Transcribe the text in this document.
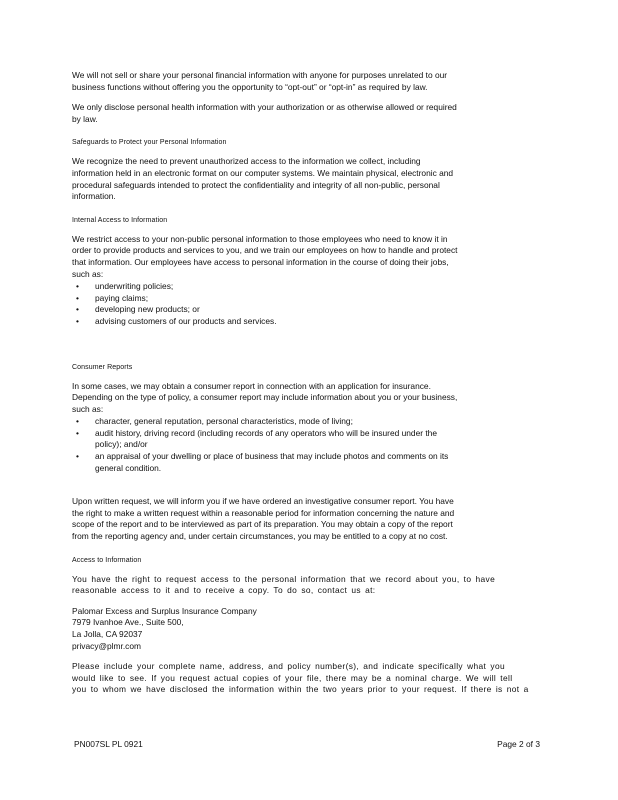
We will not sell or share your personal financial information with anyone for purposes unrelated to our
business functions without offering you the opportunity to “opt-out” or “opt-in” as required by law.

We only disclose personal health information with your authorization or as otherwise allowed or required
by law.

Safeguards to Protect your Personal Information

We recognize the need to prevent unauthorized access to the information we collect, including
information held in an electronic format on our computer systems. We maintain physical, electronic and
procedural safeguards intended to protect the confidentiality and integrity of all non-public, personal
information.

Internal Access to Information

We restrict access to your non-public personal information to those employees who need to know it in
order to provide products and services to you, and we train our employees on how to handle and protect
that information. Our employees have access to personal information in the course of doing their jobs,
such as:

• underwriting policies;
• paying claims;
• developing new products; or
• advising customers of our products and services.
Consumer Reports

In some cases, we may obtain a consumer report in connection with an application for insurance.
Depending on the type of policy, a consumer report may include information about you or your business,
such as:

• character, general reputation, personal characteristics, mode of living;
• audit history, driving record (including records of any operators who will be insured under the
policy); and/or
• an appraisal of your dwelling or place of business that may include photos and comments on its
general condition.

Upon written request, we will inform you if we have ordered an investigative consumer report. You have
the right to make a written request within a reasonable period for information concerning the nature and
scope of the report and to be interviewed as part of its preparation. You may obtain a copy of the report
from the reporting agency and, under certain circumstances, you may be entitled to a copy at no cost.

Access to Information

You have the right to request access to the personal information that we record about you, to have
reasonable access to it and to receive a copy. To do so, contact us at:

Palomar Excess and Surplus Insurance Company
7979 Ivanhoe Ave., Suite 500,
La Jolla, CA 92037
privacy@plmr.com

Please include your complete name, address, and policy number(s), and indicate specifically what you
would like to see. If you request actual copies of your file, there may be a nominal charge. We will tell
you to whom we have disclosed the information within the two years prior to your request. If there is not a

PN007SL PL 0921	Page 2 of 3
